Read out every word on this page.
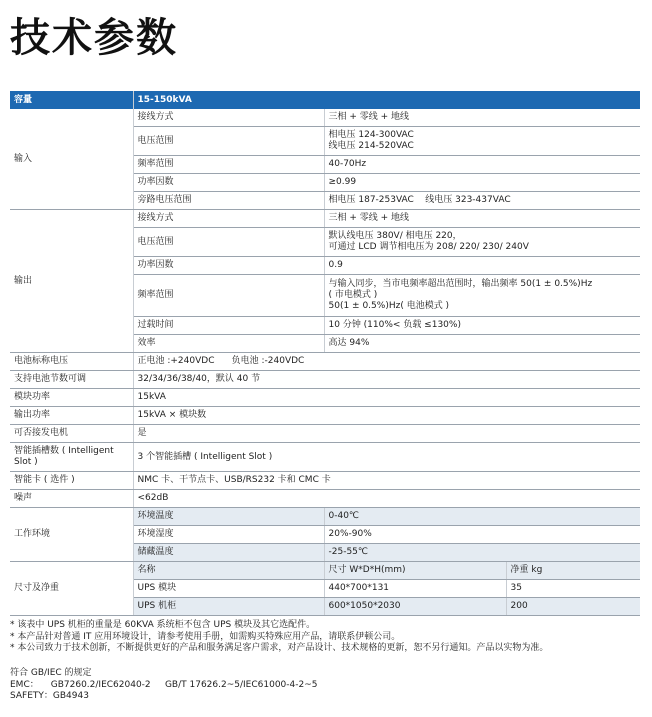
技术参数
容量	15-150kVA		
输入	接线方式	三相 + 零线 + 地线	
	电压范围	相电压 124-300VAC
线电压 214-520VAC	

	频率范围	40-70Hz	
	功率因数	≥0.99	
	旁路电压范围	相电压 187-253VAC    线电压 323-437VAC	
输出	接线方式	三相 + 零线 + 地线	
	电压范围	默认线电压 380V/ 相电压 220，
可通过 LCD 调节相电压为 208/ 220/ 230/ 240V	

	功率因数	0.9	
	频率范围	与输入同步，当市电频率超出范围时，输出频率 50(1 ± 0.5%)Hz
( 市电模式 )
50(1 ± 0.5%)Hz( 电池模式 )	

	过载时间	10 分钟 (110%< 负载 ≤130%)	
	效率	高达 94%	
电池标称电压	正电池 :+240VDC      负电池 :-240VDC		
支持电池节数可调	32/34/36/38/40，默认 40 节		
模块功率	15kVA		
输出功率	15kVA × 模块数		
可否接发电机	是		
智能插槽数 ( Intelligent Slot )	3 个智能插槽 ( Intelligent Slot )		
智能卡 ( 选件 )	NMC 卡、干节点卡、USB/RS232 卡和 CMC 卡		
噪声	<62dB		
工作环境	环境温度	0-40℃	
	环境湿度	20%-90%	
	储藏温度	-25-55℃	
尺寸及净重	名称	尺寸 W*D*H(mm)	净重 kg
	UPS 模块	440*700*131	35
	UPS 机柜	600*1050*2030	200
* 该表中 UPS 机柜的重量是 60KVA 系统柜不包含 UPS 模块及其它选配件。
* 本产品针对普通 IT 应用环境设计，请参考使用手册，如需购买特殊应用产品，请联系伊顿公司。
* 本公司致力于技术创新，不断提供更好的产品和服务满足客户需求，对产品设计、技术规格的更新，恕不另行通知。产品以实物为准。
符合 GB/IEC 的规定
EMC： GB7260.2/IEC62040-2     GB/T 17626.2~5/IEC61000-4-2~5
SAFETY：GB4943
